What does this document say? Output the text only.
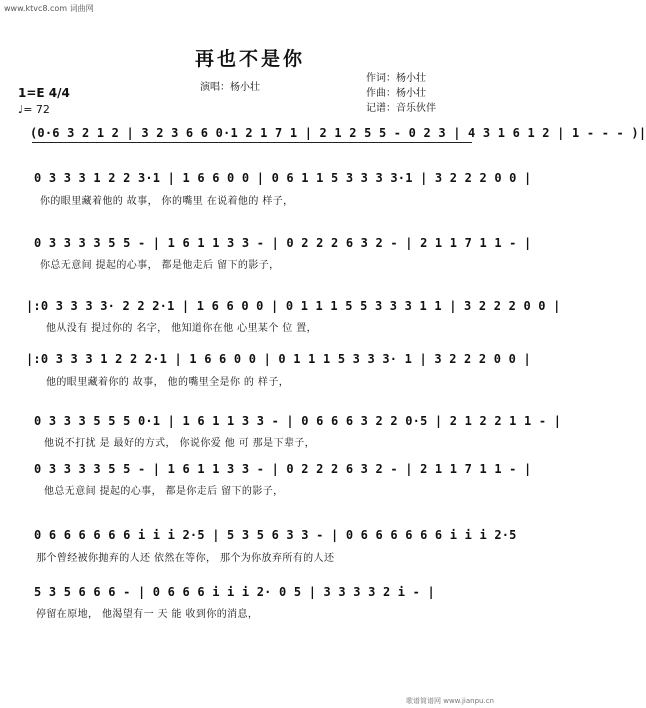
www.ktvc8.com 词曲网
再也不是你
演唱：杨小壮
作词：杨小壮
作曲：杨小壮
记谱：音乐伙伴
1=E 4/4
♩= 72
(0·6 3 2 1 2 | 3 2 3 6 6 0·1 2 1 7 1 | 2 1 2 5 5 - 0 2 3 | 4 3 1 6 1 2 | 1 - - - )|
0 3 3 3 1 2 2 3·1 | 1 6 6 0 0 | 0 6 1 1 5 3 3 3 3·1 | 3 2 2 2 0 0 |
你的眼里藏着他的 故事， 你的嘴里 在说着他的 样子，
0 3 3 3 3 5 5 - | 1 6 1 1 3 3 - | 0 2 2 2 6 3 2 - | 2 1 1 7 1 1 - |
你总无意间 提起的心事， 都是他走后 留下的影子，
|:0 3 3 3 3· 2 2 2·1 | 1 6 6 0 0 | 0 1 1 1 5 5 3 3 3 1 1 | 3 2 2 2 0 0 |
他从没有 提过你的 名字， 他知道你在他 心里某个 位 置，
|:0 3 3 3 1 2 2 2·1 | 1 6 6 0 0 | 0 1 1 1 5 3 3 3· 1 | 3 2 2 2 0 0 |
他的眼里藏着你的 故事， 他的嘴里全是你 的 样子，
0 3 3 3 5 5 5 0·1 | 1 6 1 1 3 3 - | 0 6 6 6 3 2 2 0·5 | 2 1 2 2 1 1 - |
他说不打扰 是 最好的方式， 你说你爱 他 可 那是下辈子，
0 3 3 3 3 5 5 - | 1 6 1 1 3 3 - | 0 2 2 2 6 3 2 - | 2 1 1 7 1 1 - |
他总无意间 提起的心事， 都是你走后 留下的影子，
0 6 6 6 6 6 6 i i i 2·5 | 5 3 5 6 3 3 - | 0 6 6 6 6 6 6 i i i 2·5
那个曾经被你抛弃的人还 依然在等你， 那个为你放弃所有的人还
5 3 5 6 6 6 - | 0 6 6 6 i i i 2· 0 5 | 3 3 3 3 2 i - |
停留在原地， 他渴望有一 天 能 收到你的消息，
歌谱简谱网 www.jianpu.cn
